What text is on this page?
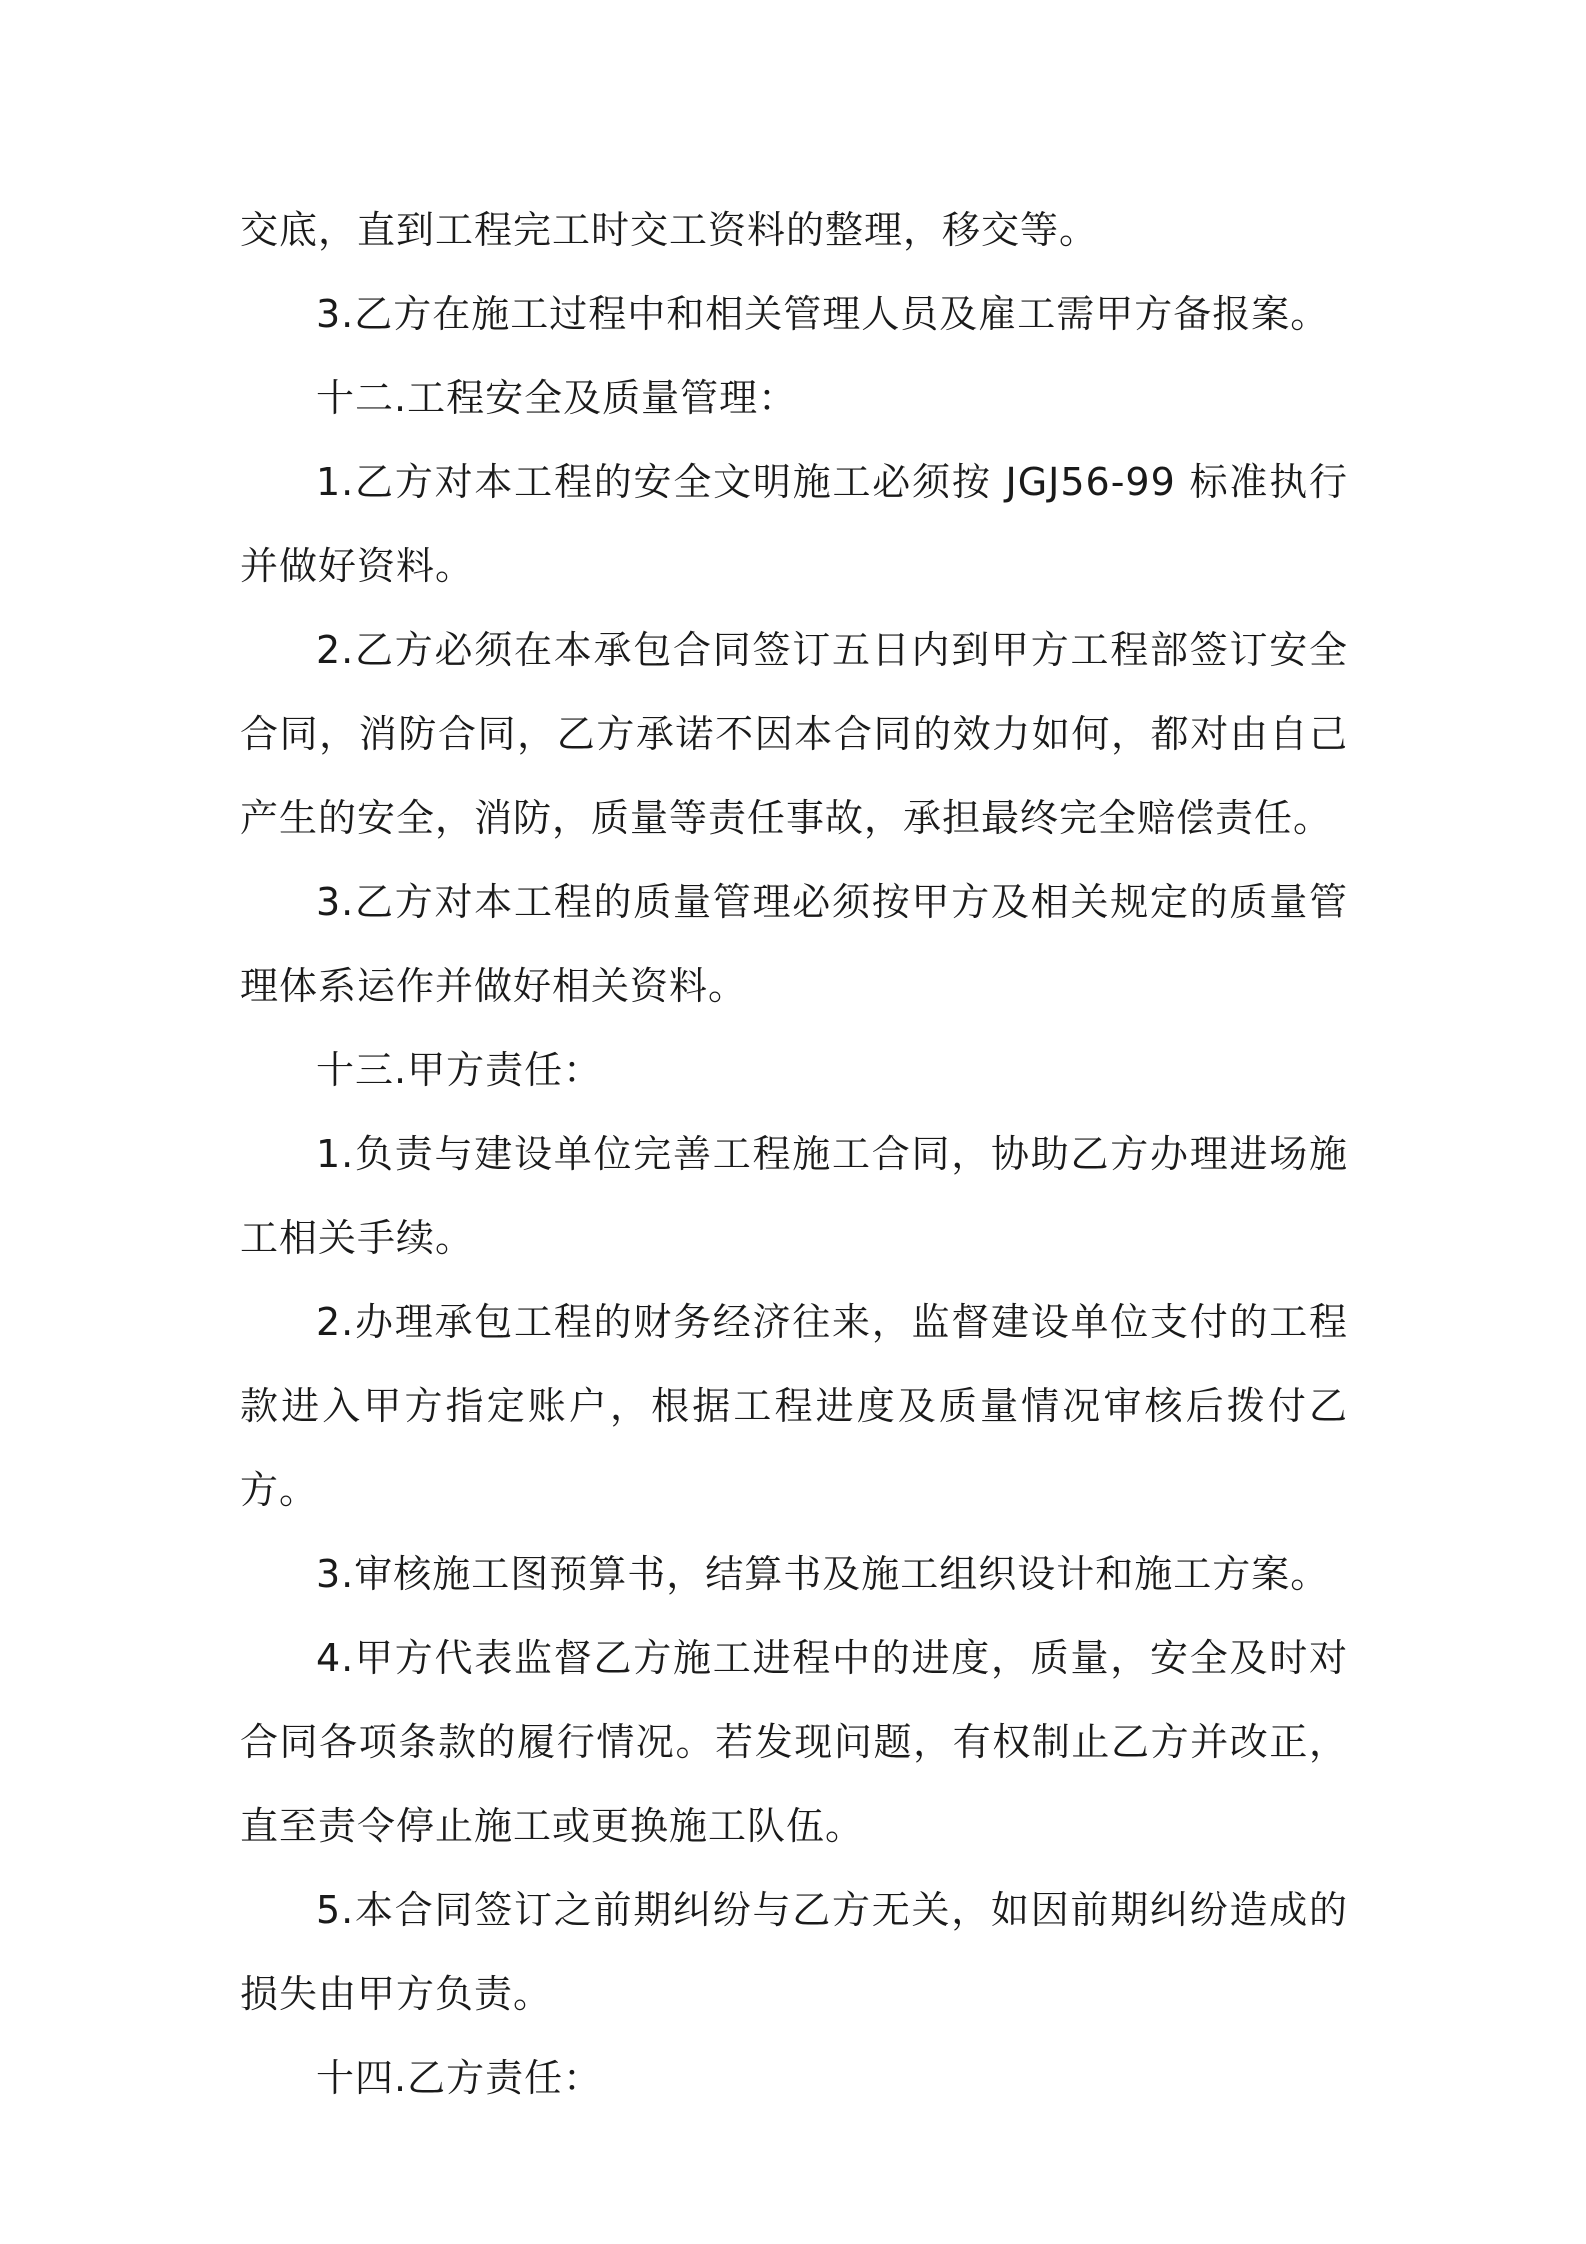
交底，直到工程完工时交工资料的整理，移交等。

3.乙方在施工过程中和相关管理人员及雇工需甲方备报案。

十二.工程安全及质量管理：

1.乙方对本工程的安全文明施工必须按 JGJ56-99 标准执行并做好资料。

2.乙方必须在本承包合同签订五日内到甲方工程部签订安全合同，消防合同，乙方承诺不因本合同的效力如何，都对由自己产生的安全，消防，质量等责任事故，承担最终完全赔偿责任。

3.乙方对本工程的质量管理必须按甲方及相关规定的质量管理体系运作并做好相关资料。

十三.甲方责任：

1.负责与建设单位完善工程施工合同，协助乙方办理进场施工相关手续。

2.办理承包工程的财务经济往来，监督建设单位支付的工程款进入甲方指定账户，根据工程进度及质量情况审核后拨付乙方。

3.审核施工图预算书，结算书及施工组织设计和施工方案。

4.甲方代表监督乙方施工进程中的进度，质量，安全及时对合同各项条款的履行情况。若发现问题，有权制止乙方并改正，直至责令停止施工或更换施工队伍。

5.本合同签订之前期纠纷与乙方无关，如因前期纠纷造成的损失由甲方负责。

十四.乙方责任：
